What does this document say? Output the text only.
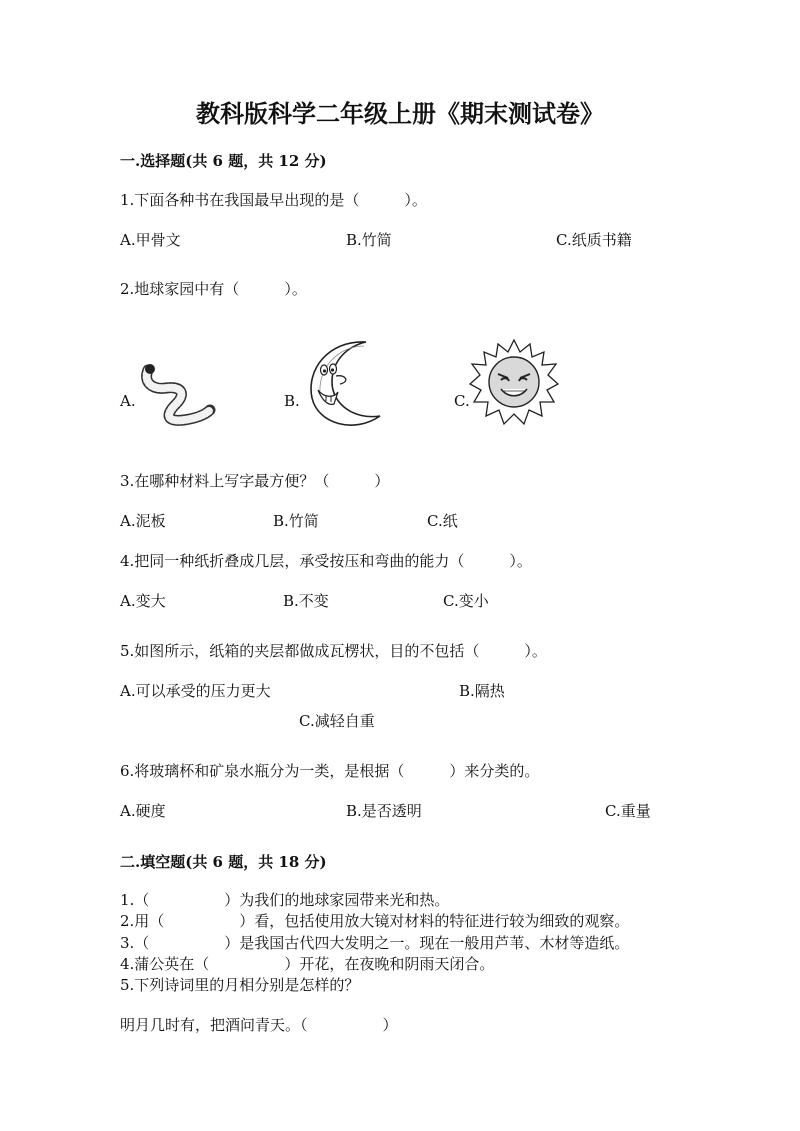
教科版科学二年级上册《期末测试卷》
一.选择题(共 6 题，共 12 分)
1.下面各种书在我国最早出现的是（　　　）。
A.甲骨文	B.竹简	C.纸质书籍
2.地球家园中有（　　　）。
A.	B.	C.
3.在哪种材料上写字最方便？（　　　）
A.泥板	B.竹简	C.纸
4.把同一种纸折叠成几层，承受按压和弯曲的能力（　　　）。
A.变大	B.不变	C.变小
5.如图所示，纸箱的夹层都做成瓦楞状，目的不包括（　　　）。
A.可以承受的压力更大	B.隔热
C.减轻自重
6.将玻璃杯和矿泉水瓶分为一类，是根据（　　　）来分类的。
A.硬度	B.是否透明	C.重量
二.填空题(共 6 题，共 18 分)
1.（　　　　　）为我们的地球家园带来光和热。
2.用（　　　　　）看，包括使用放大镜对材料的特征进行较为细致的观察。
3.（　　　　　）是我国古代四大发明之一。现在一般用芦苇、木材等造纸。
4.蒲公英在（　　　　　）开花，在夜晚和阴雨天闭合。
5.下列诗词里的月相分别是怎样的？
明月几时有，把酒问青天。（　　　　　）
